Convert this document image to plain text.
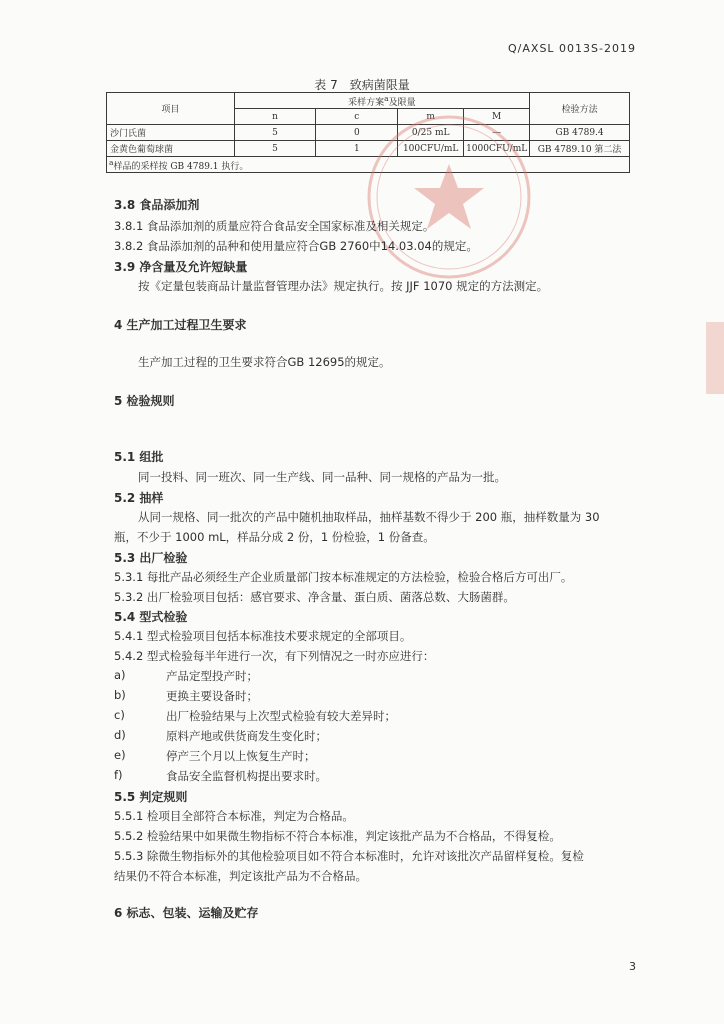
Q/AXSL 0013S-2019
表 7 致病菌限量
项目	采样方案$^a$及限量				检验方法
	n	c	m	M	
沙门氏菌	5	0	0/25 mL	—	GB 4789.4
金黄色葡萄球菌	5	1	100CFU/mL	1000CFU/mL	GB 4789.10 第二法
$^a$样品的采样按 GB 4789.1 执行。					
3.8 食品添加剂
3.8.1 食品添加剂的质量应符合食品安全国家标准及相关规定。
3.8.2 食品添加剂的品种和使用量应符合GB 2760中14.03.04的规定。
3.9 净含量及允许短缺量
按《定量包装商品计量监督管理办法》规定执行。按 JJF 1070 规定的方法测定。
4 生产加工过程卫生要求
生产加工过程的卫生要求符合GB 12695的规定。
5 检验规则
5.1 组批
同一投料、同一班次、同一生产线、同一品种、同一规格的产品为一批。
5.2 抽样
从同一规格、同一批次的产品中随机抽取样品，抽样基数不得少于 200 瓶，抽样数量为 30
瓶，不少于 1000 mL，样品分成 2 份，1 份检验，1 份备查。
5.3 出厂检验
5.3.1 每批产品必须经生产企业质量部门按本标准规定的方法检验，检验合格后方可出厂。
5.3.2 出厂检验项目包括：感官要求、净含量、蛋白质、菌落总数、大肠菌群。
5.4 型式检验
5.4.1 型式检验项目包括本标准技术要求规定的全部项目。
5.4.2 型式检验每半年进行一次，有下列情况之一时亦应进行：
a)	产品定型投产时；
b)	更换主要设备时；
c)	出厂检验结果与上次型式检验有较大差异时；
d)	原料产地或供货商发生变化时；
e)	停产三个月以上恢复生产时；
f)	食品安全监督机构提出要求时。
5.5 判定规则
5.5.1 检项目全部符合本标准，判定为合格品。
5.5.2 检验结果中如果微生物指标不符合本标准，判定该批产品为不合格品，不得复检。
5.5.3 除微生物指标外的其他检验项目如不符合本标准时，允许对该批次产品留样复检。复检
结果仍不符合本标准，判定该批产品为不合格品。
6 标志、包装、运输及贮存
3
